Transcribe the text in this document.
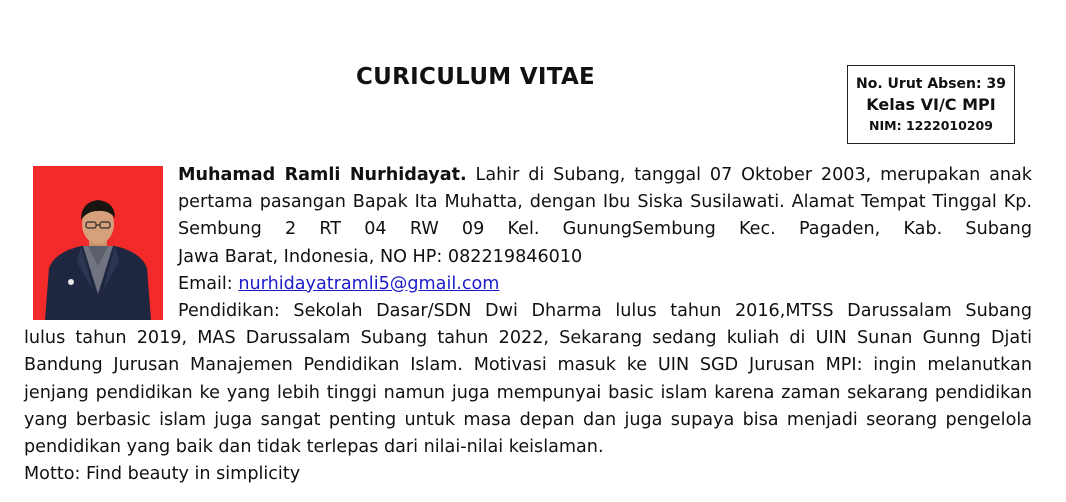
CURICULUM VITAE	No. Urut Absen: 39
Kelas VI/C MPI
NIM: 1222010209

Muhamad Ramli Nurhidayat. Lahir di Subang, tanggal 07 Oktober 2003, merupakan anak pertama pasangan Bapak Ita Muhatta, dengan Ibu Siska Susilawati. Alamat Tempat Tinggal Kp. Sembung 2 RT 04 RW 09 Kel. GunungSembung Kec. Pagaden, Kab. Subang

Jawa Barat, Indonesia, NO HP: 082219846010

Email: nurhidayatramli5@gmail.com

Pendidikan: Sekolah Dasar/SDN Dwi Dharma lulus tahun 2016,MTSS Darussalam Subang

lulus tahun 2019, MAS Darussalam Subang tahun 2022, Sekarang sedang kuliah di UIN Sunan Gunng Djati Bandung Jurusan Manajemen Pendidikan Islam. Motivasi masuk ke UIN SGD Jurusan MPI: ingin melanutkan jenjang pendidikan ke yang lebih tinggi namun juga mempunyai basic islam karena zaman sekarang pendidikan yang berbasic islam juga sangat penting untuk masa depan dan juga supaya bisa menjadi seorang pengelola pendidikan yang baik dan tidak terlepas dari nilai-nilai keislaman.

Motto: Find beauty in simplicity
